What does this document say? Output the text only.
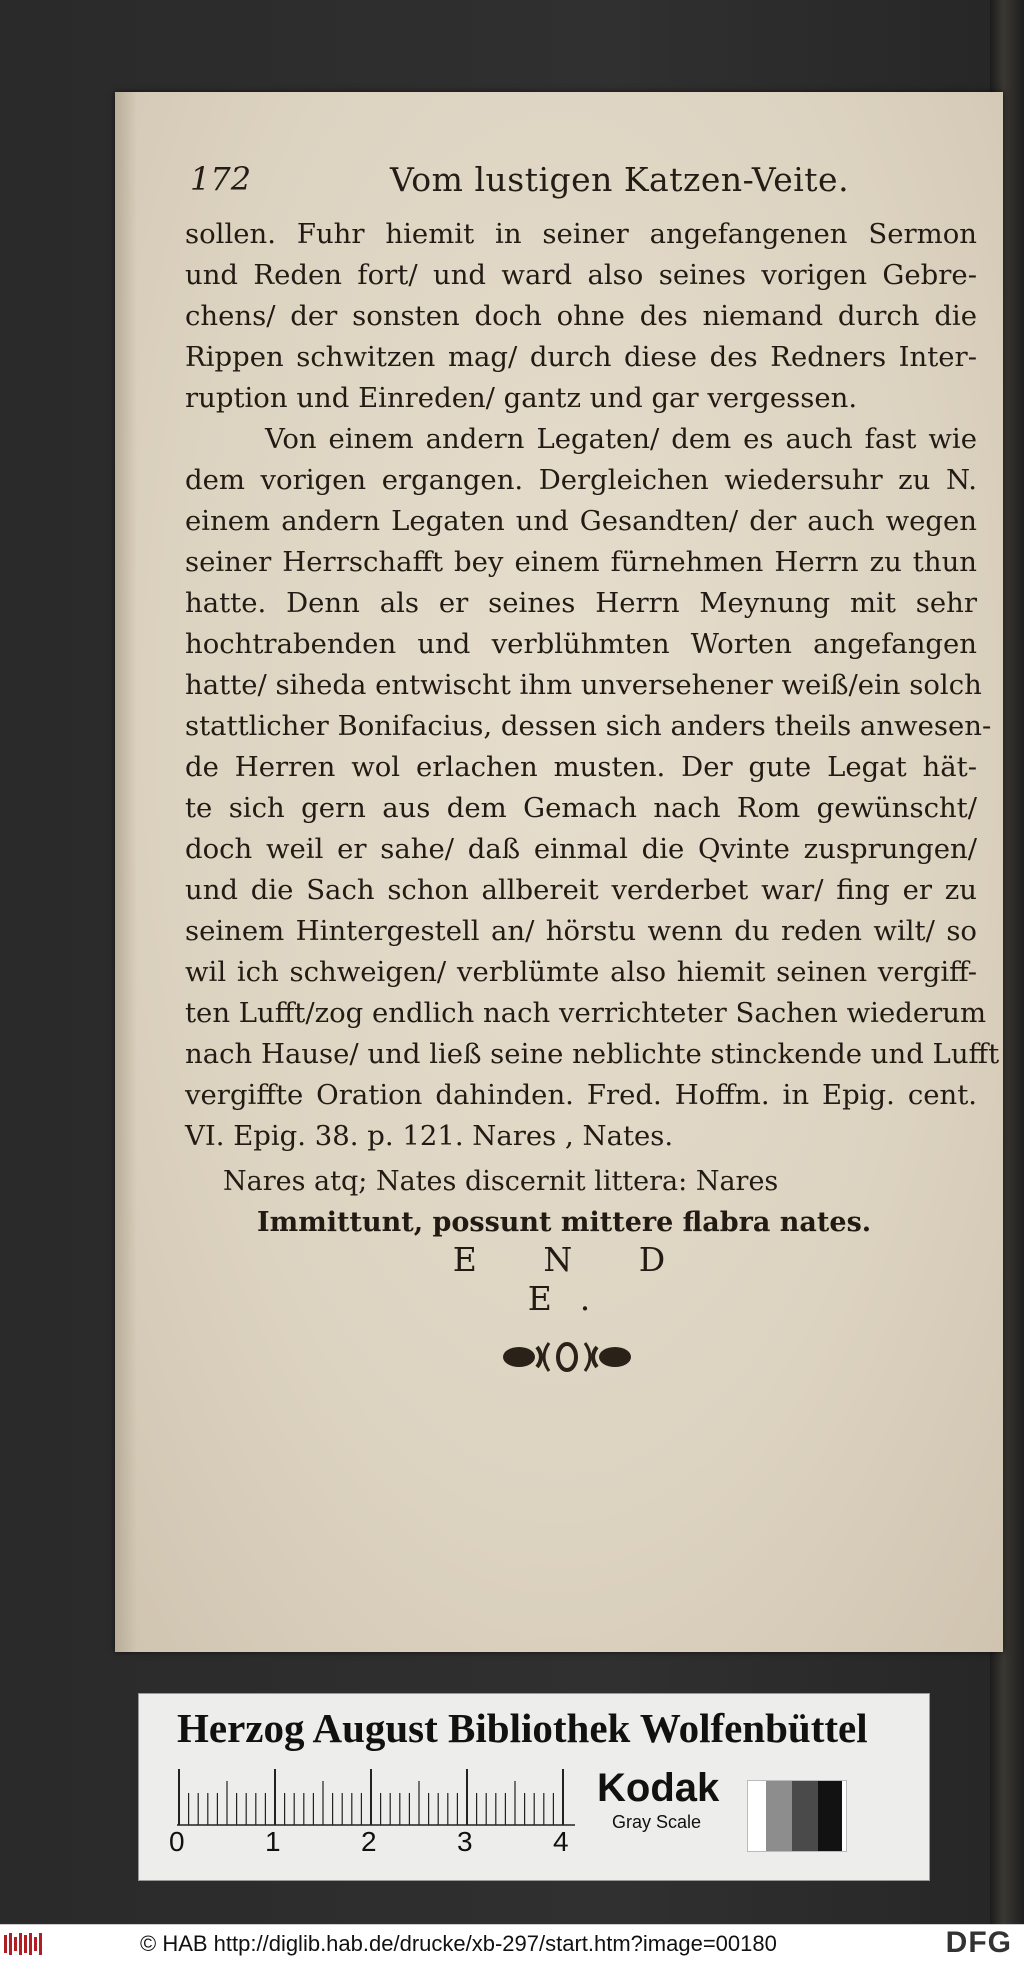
172	Vom lustigen Katzen-Veite.
sollen. Fuhr hiemit in seiner angefangenen Sermon
und Reden fort/ und ward also seines vorigen Gebre-
chens/ der sonsten doch ohne des niemand durch die
Rippen schwitzen mag/ durch diese des Redners Inter-
ruption und Einreden/ gantz und gar vergessen.
Von einem andern Legaten/ dem es auch fast wie
dem vorigen ergangen. Dergleichen wiedersuhr zu N.
einem andern Legaten und Gesandten/ der auch wegen
seiner Herrschafft bey einem fürnehmen Herrn zu thun
hatte. Denn als er seines Herrn Meynung mit sehr
hochtrabenden und verblühmten Worten angefangen
hatte/ siheda entwischt ihm unversehener weiß/ein solch
stattlicher Bonifacius, dessen sich anders theils anwesen-
de Herren wol erlachen musten. Der gute Legat hät-
te sich gern aus dem Gemach nach Rom gewünscht/
doch weil er sahe/ daß einmal die Qvinte zusprungen/
und die Sach schon allbereit verderbet war/ fing er zu
seinem Hintergestell an/ hörstu wenn du reden wilt/ so
wil ich schweigen/ verblümte also hiemit seinen vergiff-
ten Lufft/zog endlich nach verrichteter Sachen wiederum
nach Hause/ und ließ seine neblichte stinckende und Lufft
vergiffte Oration dahinden. Fred. Hoffm. in Epig. cent.
VI. Epig. 38. p. 121. Nares , Nates.
Nares atq; Nates discernit littera: Nares
Immittunt, possunt mittere flabra nates.
E N D E.
Herzog August Bibliothek Wolfenbüttel
0	1	2	3	4
Kodak
Gray Scale
© HAB http://diglib.hab.de/drucke/xb-297/start.htm?image=00180	DFG
